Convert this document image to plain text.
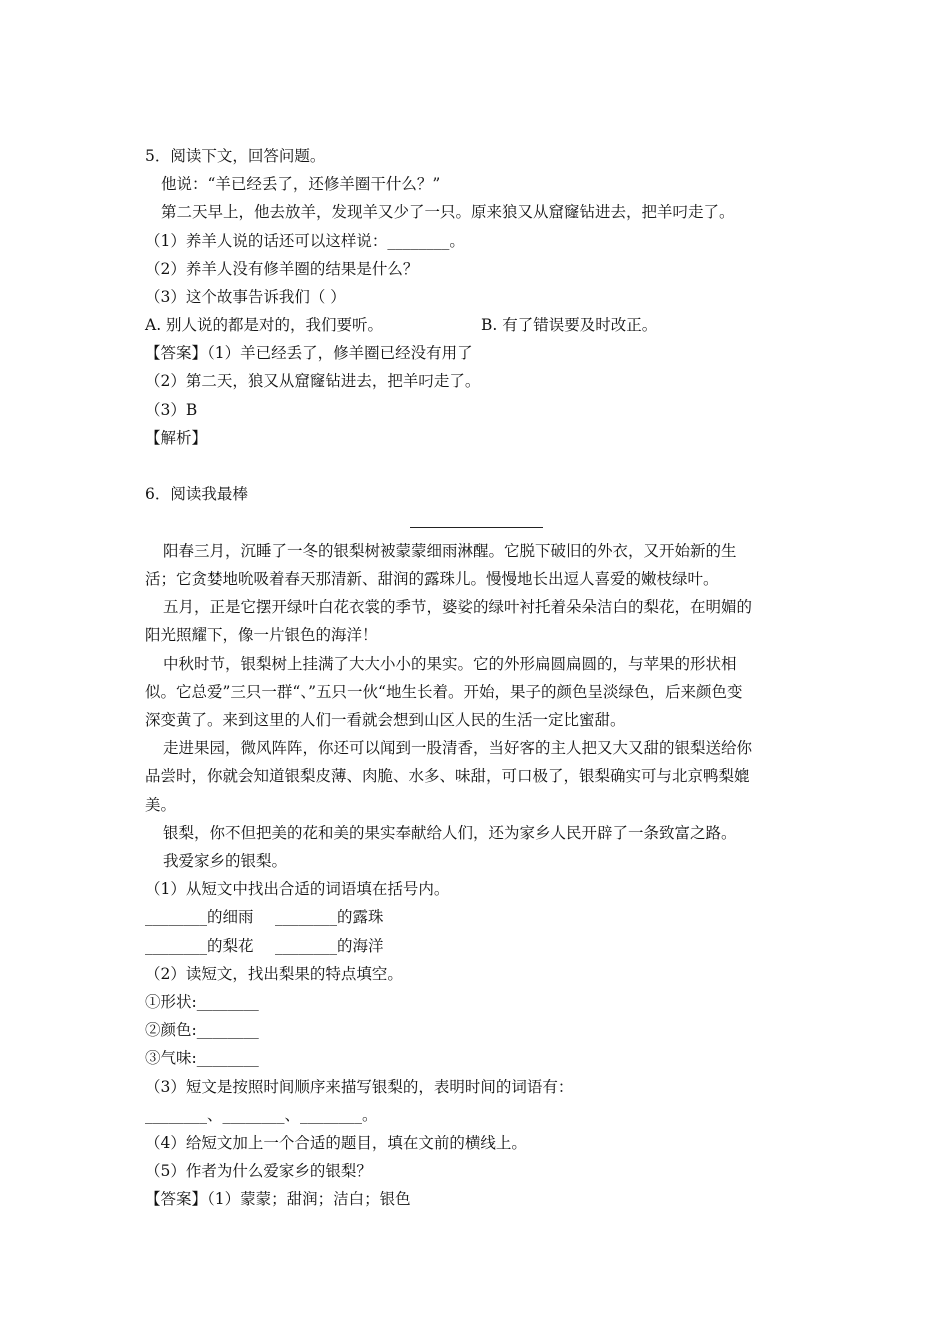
5．阅读下文，回答问题。
他说：“羊已经丢了，还修羊圈干什么？”
第二天早上，他去放羊，发现羊又少了一只。原来狼又从窟窿钻进去，把羊叼走了。
（1）养羊人说的话还可以这样说：________。
（2）养羊人没有修羊圈的结果是什么？
（3）这个故事告诉我们（ ）
A. 别人说的都是对的，我们要听。	B. 有了错误要及时改正。
【答案】（1）羊已经丢了，修羊圈已经没有用了
（2）第二天，狼又从窟窿钻进去，把羊叼走了。
（3）B
【解析】
6．阅读我最棒
阳春三月，沉睡了一冬的银梨树被蒙蒙细雨淋醒。它脱下破旧的外衣，又开始新的生
活；它贪婪地吮吸着春天那清新、甜润的露珠儿。慢慢地长出逗人喜爱的嫩枝绿叶。
五月，正是它摆开绿叶白花衣裳的季节，婆娑的绿叶衬托着朵朵洁白的梨花，在明媚的
阳光照耀下，像一片银色的海洋！
中秋时节，银梨树上挂满了大大小小的果实。它的外形扁圆扁圆的，与苹果的形状相
似。它总爱”三只一群“、”五只一伙“地生长着。开始，果子的颜色呈淡绿色，后来颜色变
深变黄了。来到这里的人们一看就会想到山区人民的生活一定比蜜甜。
走进果园，微风阵阵，你还可以闻到一股清香，当好客的主人把又大又甜的银梨送给你
品尝时，你就会知道银梨皮薄、肉脆、水多、味甜，可口极了，银梨确实可与北京鸭梨媲
美。
银梨，你不但把美的花和美的果实奉献给人们，还为家乡人民开辟了一条致富之路。
我爱家乡的银梨。
（1）从短文中找出合适的词语填在括号内。
________的细雨 ________的露珠
________的梨花 ________的海洋
（2）读短文，找出梨果的特点填空。
①形状:________
②颜色:________
③气味:________
（3）短文是按照时间顺序来描写银梨的，表明时间的词语有：
________、________、________。
（4）给短文加上一个合适的题目，填在文前的横线上。
（5）作者为什么爱家乡的银梨？
【答案】（1）蒙蒙；甜润；洁白；银色
